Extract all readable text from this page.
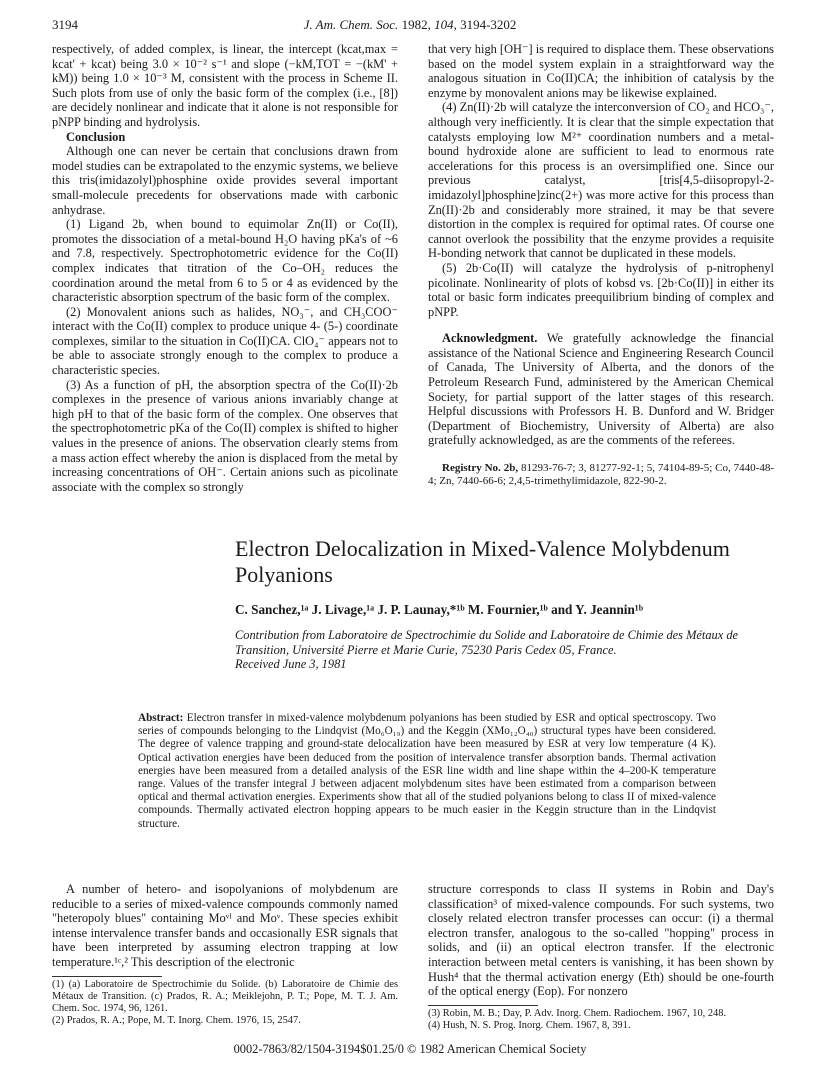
3194	J. Am. Chem. Soc. 1982, 104, 3194-3202

respectively, of added complex, is linear, the intercept (kcat,max = kcat' + kcat) being 3.0 × 10⁻² s⁻¹ and slope (−kM,TOT = −(kM' + kM)) being 1.0 × 10⁻³ M, consistent with the process in Scheme II. Such plots from use of only the basic form of the complex (i.e., [8]) are decidely nonlinear and indicate that it alone is not responsible for pNPP binding and hydrolysis.

Conclusion

Although one can never be certain that conclusions drawn from model studies can be extrapolated to the enzymic systems, we believe this tris(imidazolyl)phosphine oxide provides several important small-molecule precedents for observations made with carbonic anhydrase.

(1) Ligand 2b, when bound to equimolar Zn(II) or Co(II), promotes the dissociation of a metal-bound H₂O having pKa's of ~6 and 7.8, respectively. Spectrophotometric evidence for the Co(II) complex indicates that titration of the Co–OH₂ reduces the coordination around the metal from 6 to 5 or 4 as evidenced by the characteristic absorption spectrum of the basic form of the complex.

(2) Monovalent anions such as halides, NO₃⁻, and CH₃COO⁻ interact with the Co(II) complex to produce unique 4- (5-) coordinate complexes, similar to the situation in Co(II)CA. ClO₄⁻ appears not to be able to associate strongly enough to the complex to produce a characteristic species.

(3) As a function of pH, the absorption spectra of the Co(II)·2b complexes in the presence of various anions invariably change at high pH to that of the basic form of the complex. One observes that the spectrophotometric pKa of the Co(II) complex is shifted to higher values in the presence of anions. The observation clearly stems from a mass action effect whereby the anion is displaced from the metal by increasing concentrations of OH⁻. Certain anions such as picolinate associate with the complex so strongly

that very high [OH⁻] is required to displace them. These observations based on the model system explain in a straightforward way the analogous situation in Co(II)CA; the inhibition of catalysis by the enzyme by monovalent anions may be likewise explained.

(4) Zn(II)·2b will catalyze the interconversion of CO₂ and HCO₃⁻, although very inefficiently. It is clear that the simple expectation that catalysts employing low M²⁺ coordination numbers and a metal-bound hydroxide alone are sufficient to lead to enormous rate accelerations for this process is an oversimplified one. Since our previous catalyst, [tris[4,5-diisopropyl-2-imidazolyl]phosphine]zinc(2+) was more active for this process than Zn(II)·2b and considerably more strained, it may be that severe distortion in the complex is required for optimal rates. Of course one cannot overlook the possibility that the enzyme provides a requisite H-bonding network that cannot be duplicated in these models.

(5) 2b·Co(II) will catalyze the hydrolysis of p-nitrophenyl picolinate. Nonlinearity of plots of kobsd vs. [2b·Co(II)] in either its total or basic form indicates preequilibrium binding of complex and pNPP.

Acknowledgment. We gratefully acknowledge the financial assistance of the National Science and Engineering Research Council of Canada, The University of Alberta, and the donors of the Petroleum Research Fund, administered by the American Chemical Society, for partial support of the latter stages of this research. Helpful discussions with Professors H. B. Dunford and W. Bridger (Department of Biochemistry, University of Alberta) are also gratefully acknowledged, as are the comments of the referees.

Registry No. 2b, 81293-76-7; 3, 81277-92-1; 5, 74104-89-5; Co, 7440-48-4; Zn, 7440-66-6; 2,4,5-trimethylimidazole, 822-90-2.

Electron Delocalization in Mixed-Valence Molybdenum Polyanions
C. Sanchez,¹ᵃ J. Livage,¹ᵃ J. P. Launay,*¹ᵇ M. Fournier,¹ᵇ and Y. Jeannin¹ᵇ
Contribution from Laboratoire de Spectrochimie du Solide and Laboratoire de Chimie des Métaux de Transition, Université Pierre et Marie Curie, 75230 Paris Cedex 05, France.
Received June 3, 1981
Abstract: Electron transfer in mixed-valence molybdenum polyanions has been studied by ESR and optical spectroscopy. Two series of compounds belonging to the Lindqvist (Mo₆O₁₉) and the Keggin (XMo₁₂O₄₀) structural types have been considered. The degree of valence trapping and ground-state delocalization have been measured by ESR at very low temperature (4 K). Optical activation energies have been deduced from the position of intervalence transfer absorption bands. Thermal activation energies have been measured from a detailed analysis of the ESR line width and line shape within the 4–200-K temperature range. Values of the transfer integral J between adjacent molybdenum sites have been estimated from a comparison between optical and thermal activation energies. Experiments show that all of the studied polyanions belong to class II of mixed-valence compounds. Thermally activated electron hopping appears to be much easier in the Keggin structure than in the Lindqvist structure.

A number of hetero- and isopolyanions of molybdenum are reducible to a series of mixed-valence compounds commonly named "heteropoly blues" containing Moᵛᴵ and Moᵛ. These species exhibit intense intervalence transfer bands and occasionally ESR signals that have been interpreted by assuming electron trapping at low temperature.¹ᶜ,² This description of the electronic

(1) (a) Laboratoire de Spectrochimie du Solide. (b) Laboratoire de Chimie des Métaux de Transition. (c) Prados, R. A.; Meiklejohn, P. T.; Pope, M. T. J. Am. Chem. Soc. 1974, 96, 1261.
(2) Prados, R. A.; Pope, M. T. Inorg. Chem. 1976, 15, 2547.

structure corresponds to class II systems in Robin and Day's classification³ of mixed-valence compounds. For such systems, two closely related electron transfer processes can occur: (i) a thermal electron transfer, analogous to the so-called "hopping" process in solids, and (ii) an optical electron transfer. If the electronic interaction between metal centers is vanishing, it has been shown by Hush⁴ that the thermal activation energy (Eth) should be one-fourth of the optical energy (Eop). For nonzero

(3) Robin, M. B.; Day, P. Adv. Inorg. Chem. Radiochem. 1967, 10, 248.
(4) Hush, N. S. Prog. Inorg. Chem. 1967, 8, 391.
0002-7863/82/1504-3194$01.25/0 © 1982 American Chemical Society
